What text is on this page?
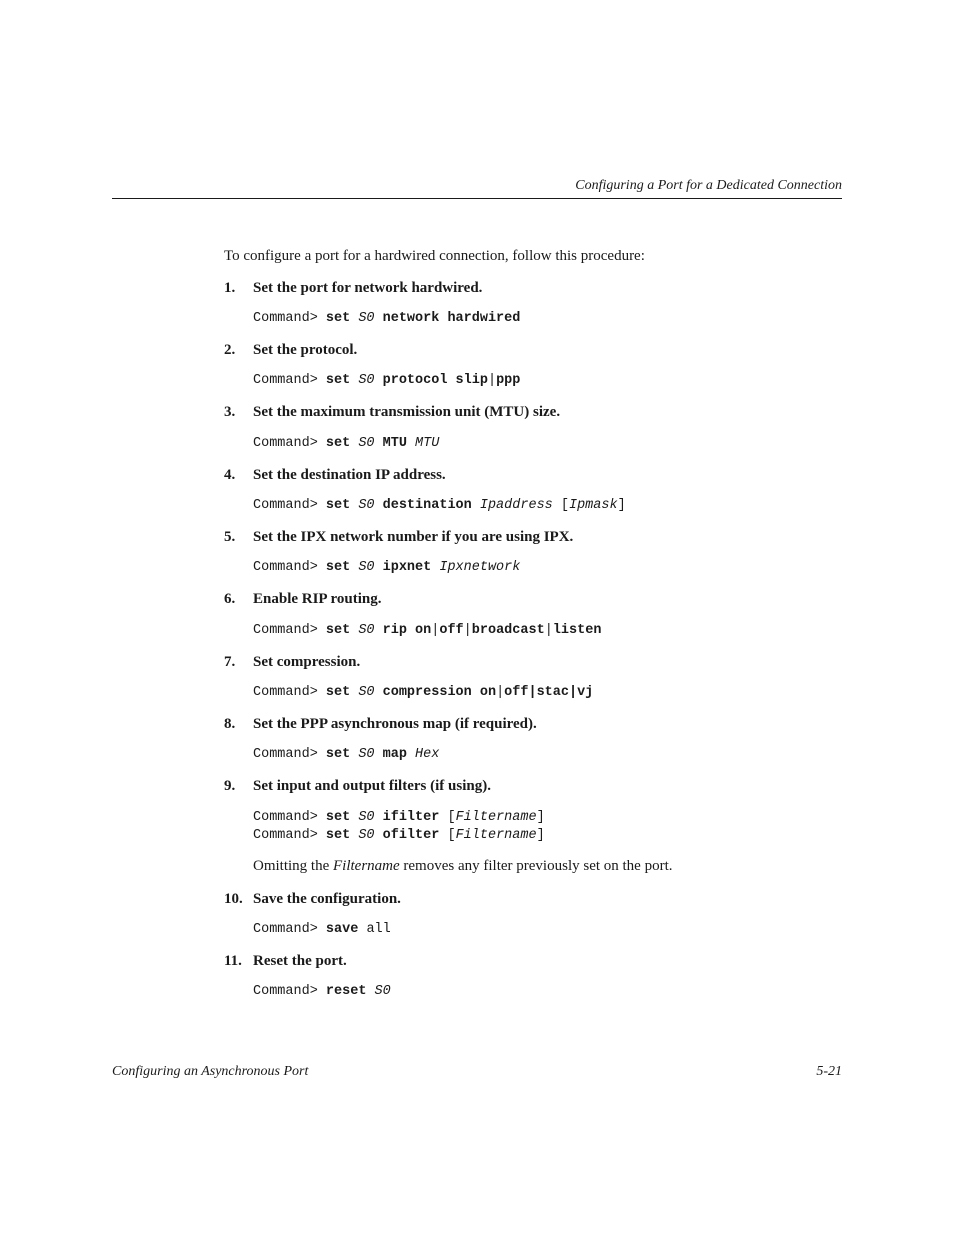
Configuring a Port for a Dedicated Connection
To configure a port for a hardwired connection, follow this procedure:
1. Set the port for network hardwired.
Command> set S0 network hardwired
2. Set the protocol.
Command> set S0 protocol slip|ppp
3. Set the maximum transmission unit (MTU) size.
Command> set S0 MTU MTU
4. Set the destination IP address.
Command> set S0 destination Ipaddress [Ipmask]
5. Set the IPX network number if you are using IPX.
Command> set S0 ipxnet Ipxnetwork
6. Enable RIP routing.
Command> set S0 rip on|off|broadcast|listen
7. Set compression.
Command> set S0 compression on|off|stac|vj
8. Set the PPP asynchronous map (if required).
Command> set S0 map Hex
9. Set input and output filters (if using).
Command> set S0 ifilter [Filtername]
Command> set S0 ofilter [Filtername]
Omitting the Filtername removes any filter previously set on the port.
10. Save the configuration.
Command> save all
11. Reset the port.
Command> reset S0
Configuring an Asynchronous Port	5-21
